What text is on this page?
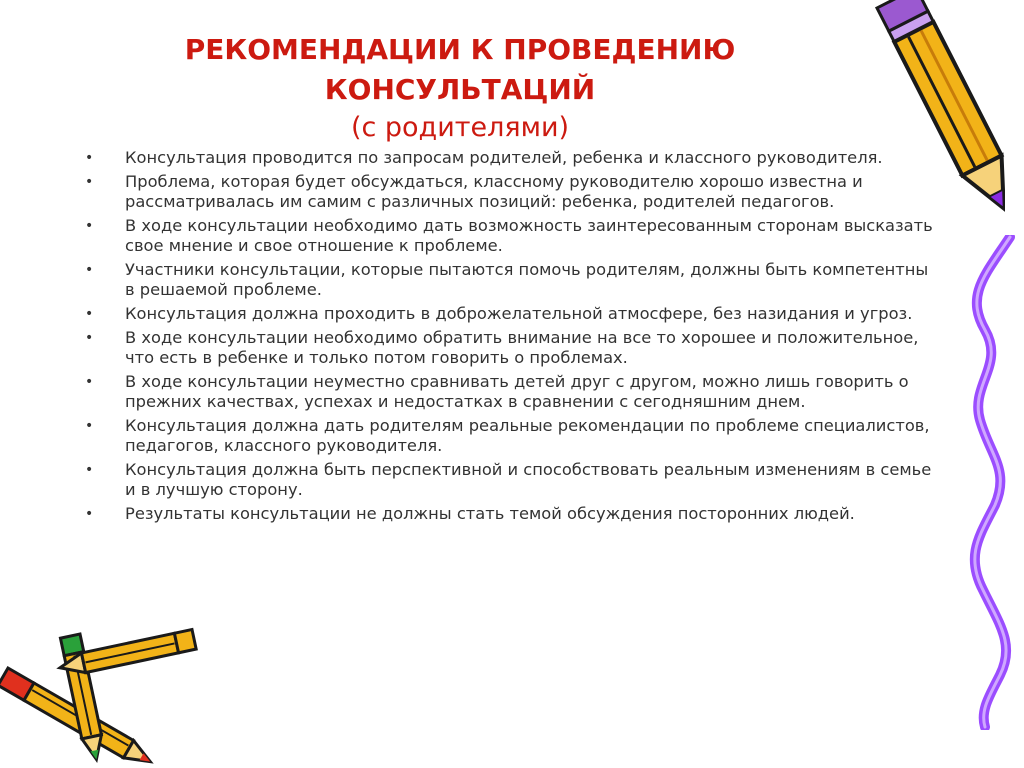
РЕКОМЕНДАЦИИ К ПРОВЕДЕНИЮ
КОНСУЛЬТАЦИЙ
(с родителями)
• Консультация проводится по запросам родителей, ребенка и классного руководителя.
• Проблема, которая будет обсуждаться, классному руководителю хорошо известна и рассматривалась им самим с различных позиций: ребенка, родителей педагогов.
• В ходе консультации необходимо дать возможность заинтересованным сторонам высказать свое мнение и свое отношение к проблеме.
• Участники консультации, которые пытаются помочь родителям, должны быть компетентны в решаемой проблеме.
• Консультация должна проходить в доброжелательной атмосфере, без назидания и угроз.
• В ходе консультации необходимо обратить внимание на все то хорошее и положительное, что есть в ребенке и только потом говорить о проблемах.
• В ходе консультации неуместно сравнивать детей друг с другом, можно лишь говорить о прежних качествах, успехах и недостатках в сравнении с сегодняшним днем.
• Консультация должна дать родителям реальные рекомендации по проблеме специалистов, педагогов, классного руководителя.
• Консультация должна быть перспективной и способствовать реальным изменениям в семье и в лучшую сторону.
• Результаты консультации не должны стать темой обсуждения посторонних людей.
